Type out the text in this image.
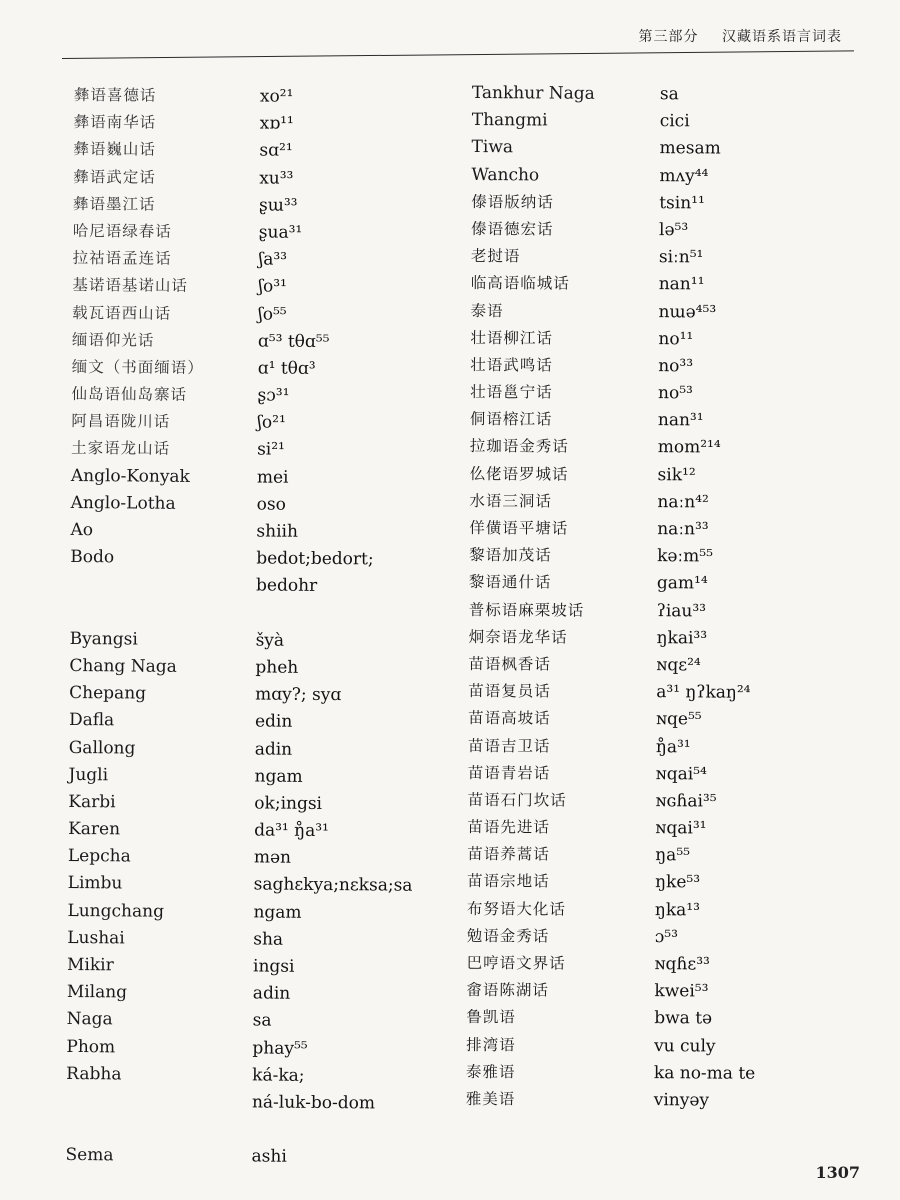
第三部分 汉藏语系语言词表
彝语喜德话	xo²¹
彝语南华话	xɒ¹¹
彝语巍山话	sɑ²¹
彝语武定话	xu³³
彝语墨江话	ʂɯ³³
哈尼语绿春话	ʂua³¹
拉祜语孟连话	ʃa³³
基诺语基诺山话	ʃo³¹
载瓦语西山话	ʃo⁵⁵
缅语仰光话	ɑ⁵³ tθɑ⁵⁵
缅文（书面缅语）	ɑ¹ tθɑ³
仙岛语仙岛寨话	ʂɔ³¹
阿昌语陇川话	ʃo²¹
土家语龙山话	si²¹
Anglo-Konyak	mei
Anglo-Lotha	oso
Ao	shiih
Bodo	bedot;bedort;
bedohr
Byangsi	šyà
Chang Naga	pheh
Chepang	mɑy?; syɑ
Dafla	edin
Gallong	adin
Jugli	ngam
Karbi	ok;ingsi
Karen	da³¹ ŋ̊a³¹
Lepcha	mən
Limbu	saghɛkya;nɛksa;sa
Lungchang	ngam
Lushai	sha
Mikir	ingsi
Milang	adin
Naga	sa
Phom	phay⁵⁵
Rabha	ká-ka;
ná-luk-bo-dom
Sema	ashi
Tankhur Naga	sa
Thangmi	cici
Tiwa	mesam
Wancho	mʌy⁴⁴
傣语版纳话	tsin¹¹
傣语德宏话	lə⁵³
老挝语	siːn⁵¹
临高语临城话	nan¹¹
泰语	nɯə⁴⁵³
壮语柳江话	no¹¹
壮语武鸣话	no³³
壮语邕宁话	no⁵³
侗语榕江话	nan³¹
拉珈语金秀话	mom²¹⁴
仫佬语罗城话	sik¹²
水语三洞话	naːn⁴²
佯僙语平塘话	naːn³³
黎语加茂话	kəːm⁵⁵
黎语通什话	gam¹⁴
普标语麻栗坡话	ʔiau³³
炯奈语龙华话	ŋkai³³
苗语枫香话	ɴqɛ²⁴
苗语复员话	a³¹ ŋʔkaŋ²⁴
苗语高坡话	ɴqe⁵⁵
苗语吉卫话	ŋ̊a³¹
苗语青岩话	ɴqai⁵⁴
苗语石门坎话	ɴɢɦai³⁵
苗语先进话	ɴqai³¹
苗语养蒿话	ŋa⁵⁵
苗语宗地话	ŋke⁵³
布努语大化话	ŋka¹³
勉语金秀话	ɔ⁵³
巴哼语文界话	ɴqɦɛ³³
畲语陈湖话	kwei⁵³
鲁凯语	bwa tə
排湾语	vu culy
泰雅语	ka no-ma te
雅美语	vinyəy
1307
